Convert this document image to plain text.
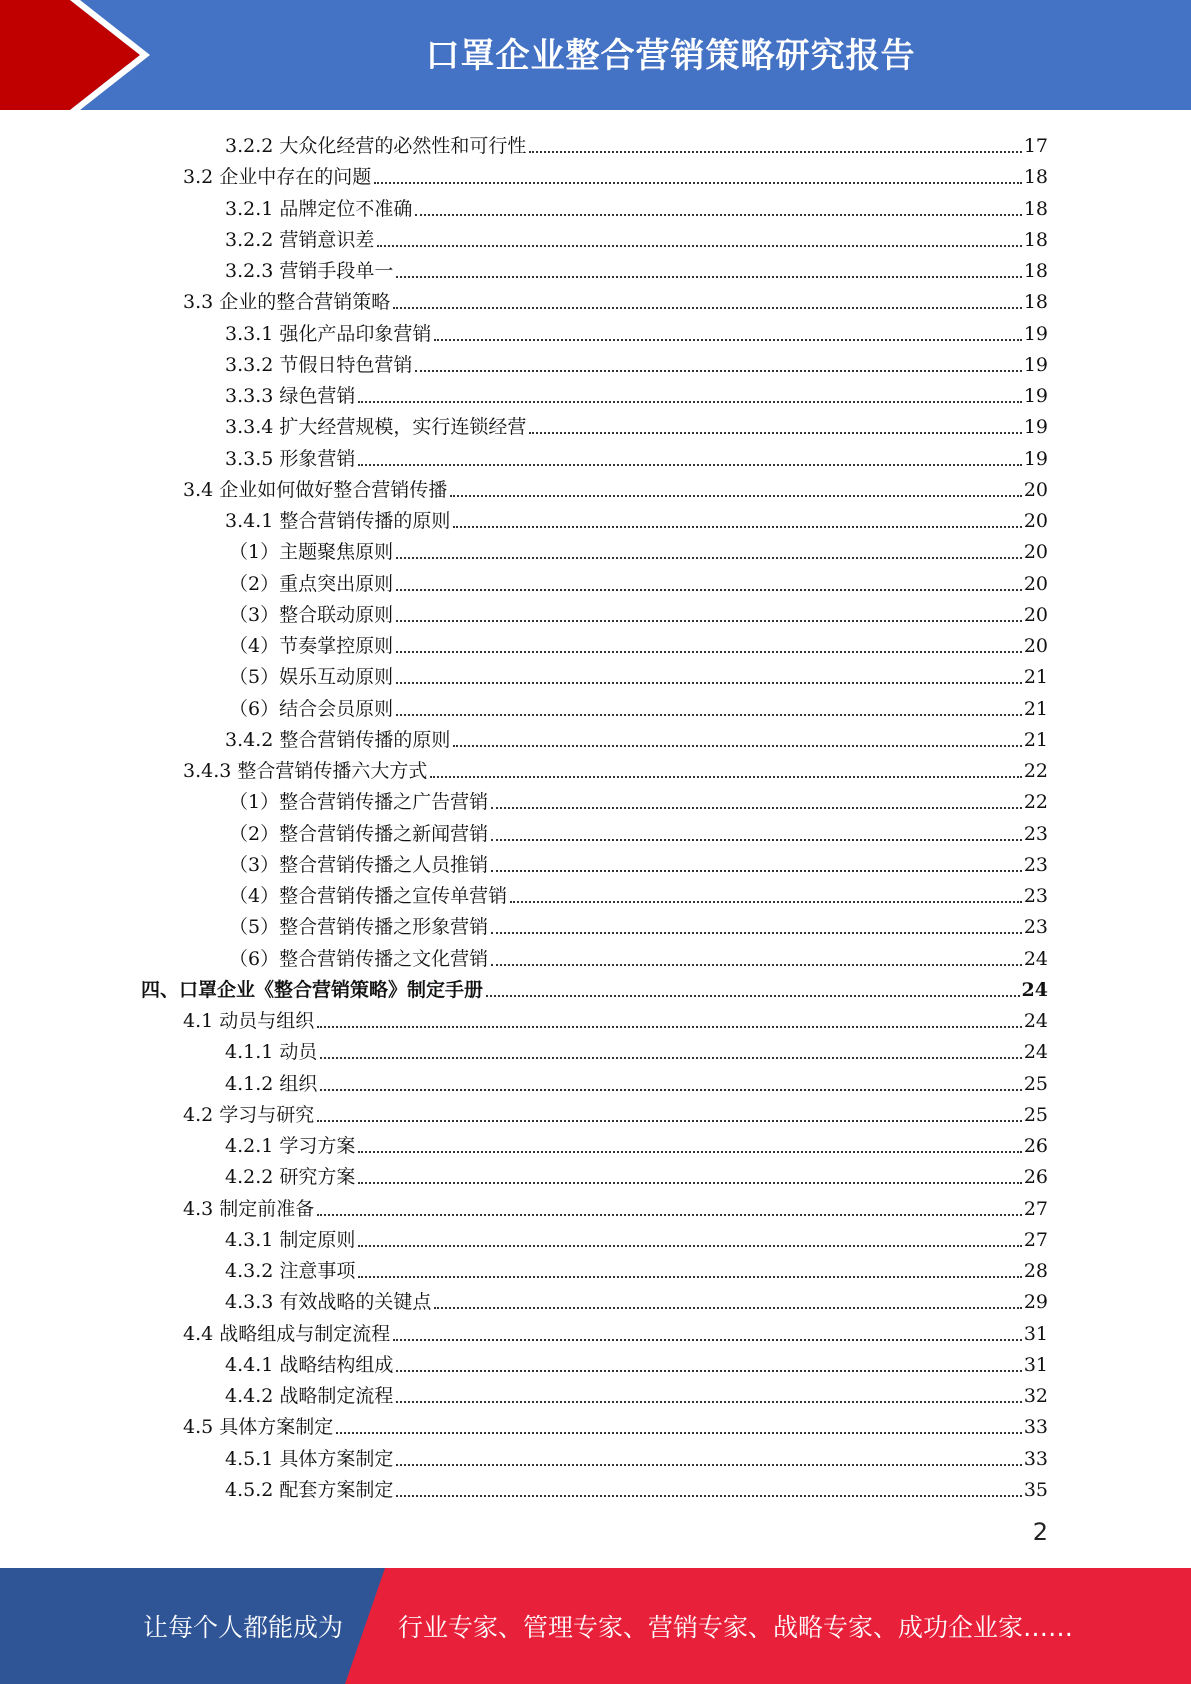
口罩企业整合营销策略研究报告
3.2.2 大众化经营的必然性和可行性	17
3.2 企业中存在的问题	18
3.2.1 品牌定位不准确	18
3.2.2 营销意识差	18
3.2.3 营销手段单一	18
3.3 企业的整合营销策略	18
3.3.1 强化产品印象营销	19
3.3.2 节假日特色营销	19
3.3.3 绿色营销	19
3.3.4 扩大经营规模，实行连锁经营	19
3.3.5 形象营销	19
3.4 企业如何做好整合营销传播	20
3.4.1 整合营销传播的原则	20
（1）主题聚焦原则	20
（2）重点突出原则	20
（3）整合联动原则	20
（4）节奏掌控原则	20
（5）娱乐互动原则	21
（6）结合会员原则	21
3.4.2 整合营销传播的原则	21
3.4.3 整合营销传播六大方式	22
（1）整合营销传播之广告营销	22
（2）整合营销传播之新闻营销	23
（3）整合营销传播之人员推销	23
（4）整合营销传播之宣传单营销	23
（5）整合营销传播之形象营销	23
（6）整合营销传播之文化营销	24
四、口罩企业《整合营销策略》制定手册	24
4.1 动员与组织	24
4.1.1 动员	24
4.1.2 组织	25
4.2 学习与研究	25
4.2.1 学习方案	26
4.2.2 研究方案	26
4.3 制定前准备	27
4.3.1 制定原则	27
4.3.2 注意事项	28
4.3.3 有效战略的关键点	29
4.4 战略组成与制定流程	31
4.4.1 战略结构组成	31
4.4.2 战略制定流程	32
4.5 具体方案制定	33
4.5.1 具体方案制定	33
4.5.2 配套方案制定	35
2
让每个人都能成为 行业专家、管理专家、营销专家、战略专家、成功企业家……
